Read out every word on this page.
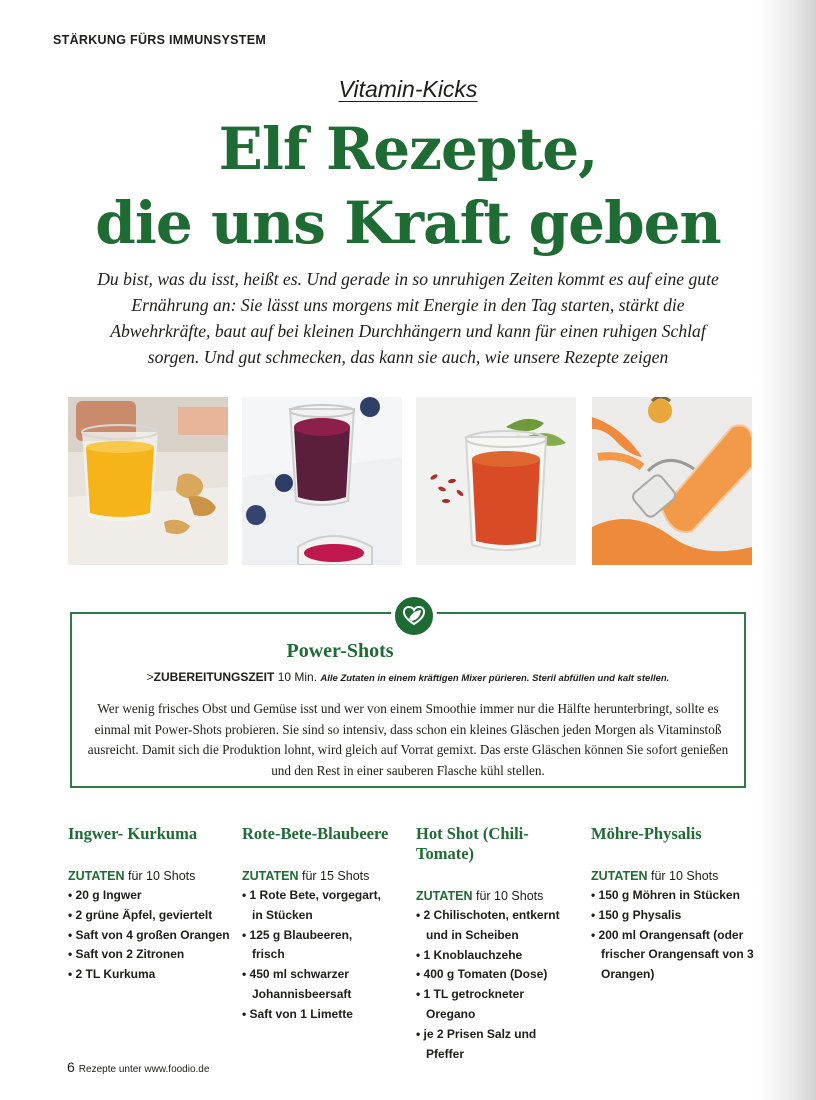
STÄRKUNG FÜRS IMMUNSYSTEM
Vitamin-Kicks
Elf Rezepte,
die uns Kraft geben
Du bist, was du isst, heißt es. Und gerade in so unruhigen Zeiten kommt es auf eine gute Ernährung an: Sie lässt uns morgens mit Energie in den Tag starten, stärkt die Abwehrkräfte, baut auf bei kleinen Durchhängern und kann für einen ruhigen Schlaf sorgen. Und gut schmecken, das kann sie auch, wie unsere Rezepte zeigen
Power-Shots
>ZUBEREITUNGSZEIT 10 Min. Alle Zutaten in einem kräftigen Mixer pürieren. Steril abfüllen und kalt stellen.
Wer wenig frisches Obst und Gemüse isst und wer von einem Smoothie immer nur die Hälfte herunterbringt, sollte es einmal mit Power-Shots probieren. Sie sind so intensiv, dass schon ein kleines Gläschen jeden Morgen als Vitaminstoß ausreicht. Damit sich die Produktion lohnt, wird gleich auf Vorrat gemixt. Das erste Gläschen können Sie sofort genießen und den Rest in einer sauberen Flasche kühl stellen.
Ingwer- Kurkuma
ZUTATEN für 10 Shots
• 20 g Ingwer
• 2 grüne Äpfel, geviertelt
• Saft von 4 großen Orangen
• Saft von 2 Zitronen
• 2 TL Kurkuma
Rote-Bete-Blaubeere
ZUTATEN für 15 Shots
• 1 Rote Bete, vorgegart, in Stücken
• 125 g Blaubeeren, frisch
• 450 ml schwarzer Johannisbeersaft
• Saft von 1 Limette
Hot Shot (Chili-Tomate)
ZUTATEN für 10 Shots
• 2 Chilischoten, entkernt und in Scheiben
• 1 Knoblauchzehe
• 400 g Tomaten (Dose)
• 1 TL getrockneter Oregano
• je 2 Prisen Salz und Pfeffer
Möhre-Physalis
ZUTATEN für 10 Shots
• 150 g Möhren in Stücken
• 150 g Physalis
• 200 ml Orangensaft (oder frischer Orangensaft von 3 Orangen)
6 Rezepte unter www.foodio.de
